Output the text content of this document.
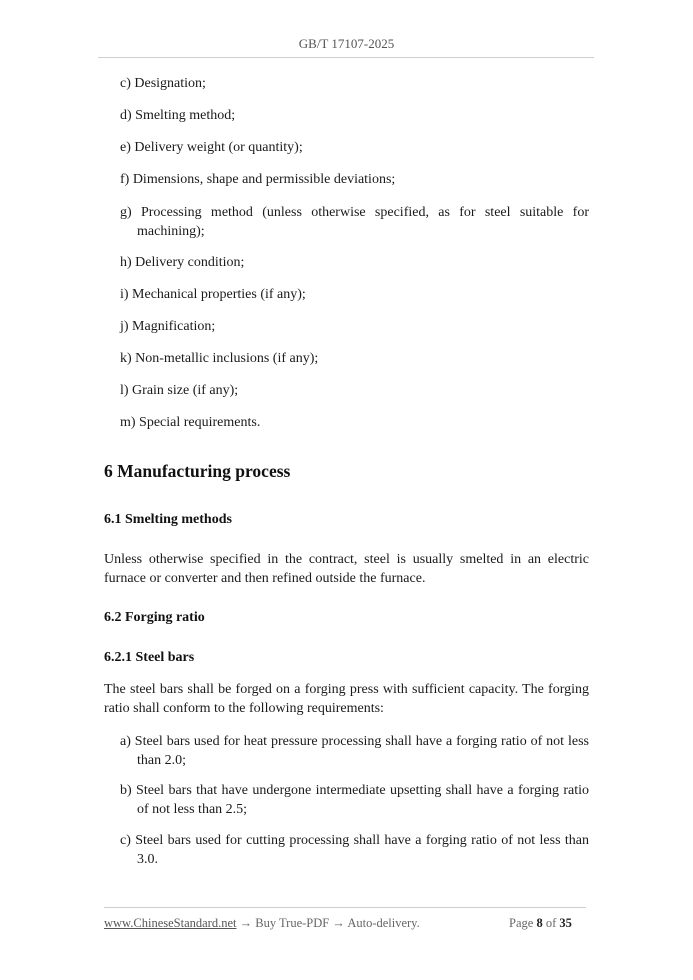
GB/T 17107-2025
c) Designation;
d) Smelting method;
e) Delivery weight (or quantity);
f) Dimensions, shape and permissible deviations;
g) Processing method (unless otherwise specified, as for steel suitable for machining);
h) Delivery condition;
i) Mechanical properties (if any);
j) Magnification;
k) Non-metallic inclusions (if any);
l) Grain size (if any);
m) Special requirements.
6 Manufacturing process
6.1 Smelting methods
Unless otherwise specified in the contract, steel is usually smelted in an electric furnace or converter and then refined outside the furnace.
6.2 Forging ratio
6.2.1 Steel bars
The steel bars shall be forged on a forging press with sufficient capacity. The forging ratio shall conform to the following requirements:
a) Steel bars used for heat pressure processing shall have a forging ratio of not less than 2.0;
b) Steel bars that have undergone intermediate upsetting shall have a forging ratio of not less than 2.5;
c) Steel bars used for cutting processing shall have a forging ratio of not less than 3.0.
www.ChineseStandard.net → Buy True-PDF → Auto-delivery.	Page 8 of 35
